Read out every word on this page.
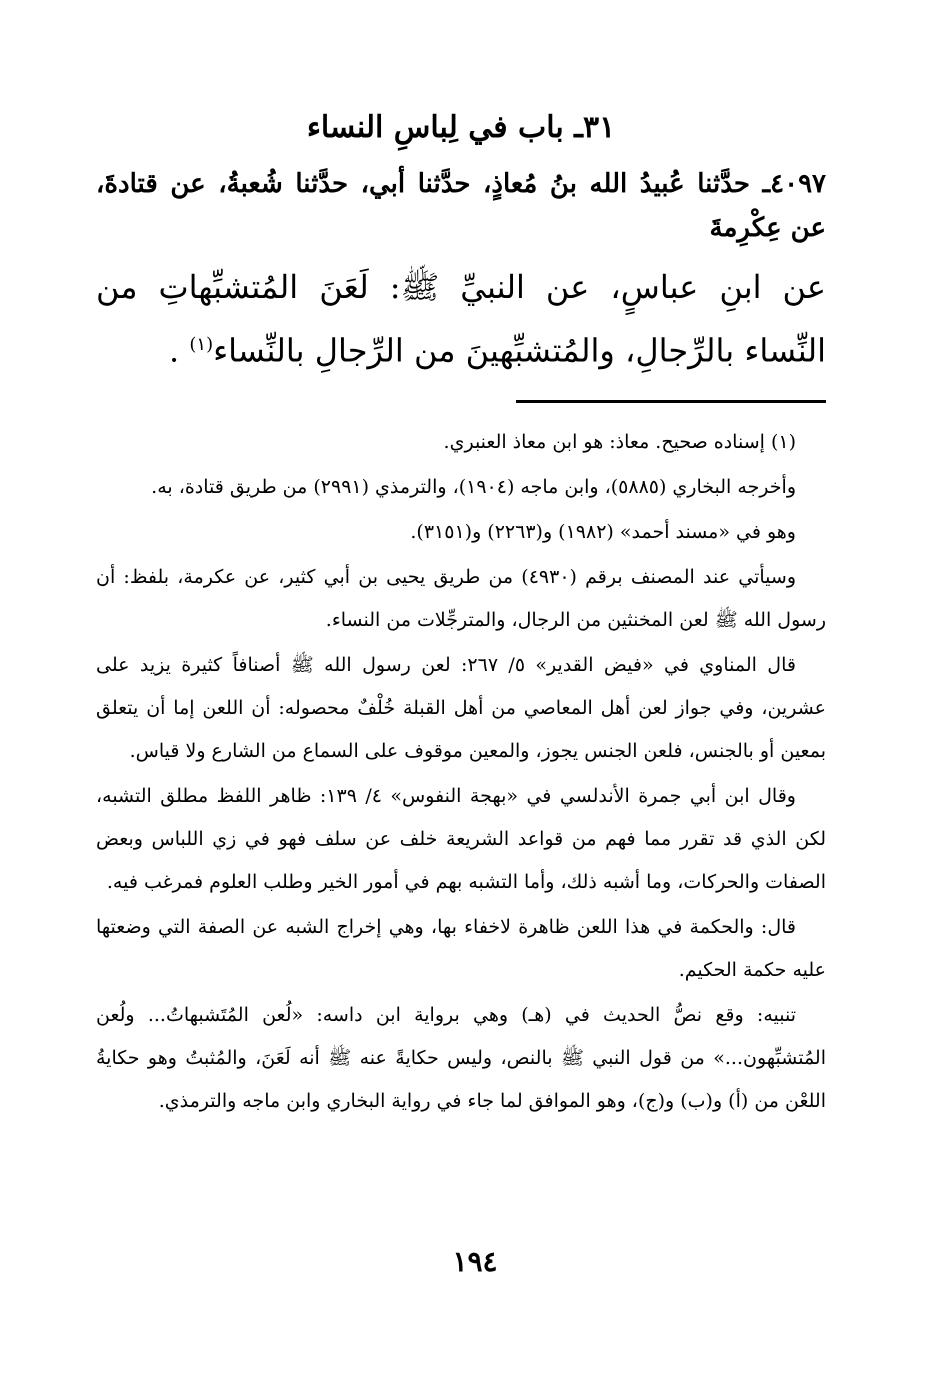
٣١ـ باب في لِباسِ النساء

٤٠٩٧ـ حدَّثنا عُبيدُ الله بنُ مُعاذٍ، حدَّثنا أبي، حدَّثنا شُعبةُ، عن قتادةَ، عن عِكْرِمةَ

عن ابنِ عباسٍ، عن النبيِّ ﷺ: لَعَنَ المُتشبِّهاتِ من النِّساء بالرِّجالِ، والمُتشبِّهينَ من الرِّجالِ بالنِّساء$^{(١)}$ .

(١) إسناده صحيح. معاذ: هو ابن معاذ العنبري.

وأخرجه البخاري (٥٨٨٥)، وابن ماجه (١٩٠٤)، والترمذي (٢٩٩١) من طريق قتادة، به.

وهو في «مسند أحمد» (١٩٨٢) و(٢٢٦٣) و(٣١٥١).

وسيأتي عند المصنف برقم (٤٩٣٠) من طريق يحيى بن أبي كثير، عن عكرمة، بلفظ: أن رسول الله ﷺ لعن المخنثين من الرجال، والمترجِّلات من النساء.

قال المناوي في «فيض القدير» ٥/ ٢٦٧: لعن رسول الله ﷺ أصنافاً كثيرة يزيد على عشرين، وفي جواز لعن أهل المعاصي من أهل القبلة خُلْفٌ محصوله: أن اللعن إما أن يتعلق بمعين أو بالجنس، فلعن الجنس يجوز، والمعين موقوف على السماع من الشارع ولا قياس.

وقال ابن أبي جمرة الأندلسي في «بهجة النفوس» ٤/ ١٣٩: ظاهر اللفظ مطلق التشبه، لكن الذي قد تقرر مما فهم من قواعد الشريعة خلف عن سلف فهو في زي اللباس وبعض الصفات والحركات، وما أشبه ذلك، وأما التشبه بهم في أمور الخير وطلب العلوم فمرغب فيه.

قال: والحكمة في هذا اللعن ظاهرة لاخفاء بها، وهي إخراج الشبه عن الصفة التي وضعتها عليه حكمة الحكيم.

تنبيه: وقع نصُّ الحديث في (هـ) وهي برواية ابن داسه: «لُعن المُتَشبهاتُ... ولُعن المُتشبِّهون...» من قول النبي ﷺ بالنص، وليس حكايةً عنه ﷺ أنه لَعَنَ، والمُثبتُ وهو حكايةُ اللعْن من (أ) و(ب) و(ج)، وهو الموافق لما جاء في رواية البخاري وابن ماجه والترمذي.

١٩٤
